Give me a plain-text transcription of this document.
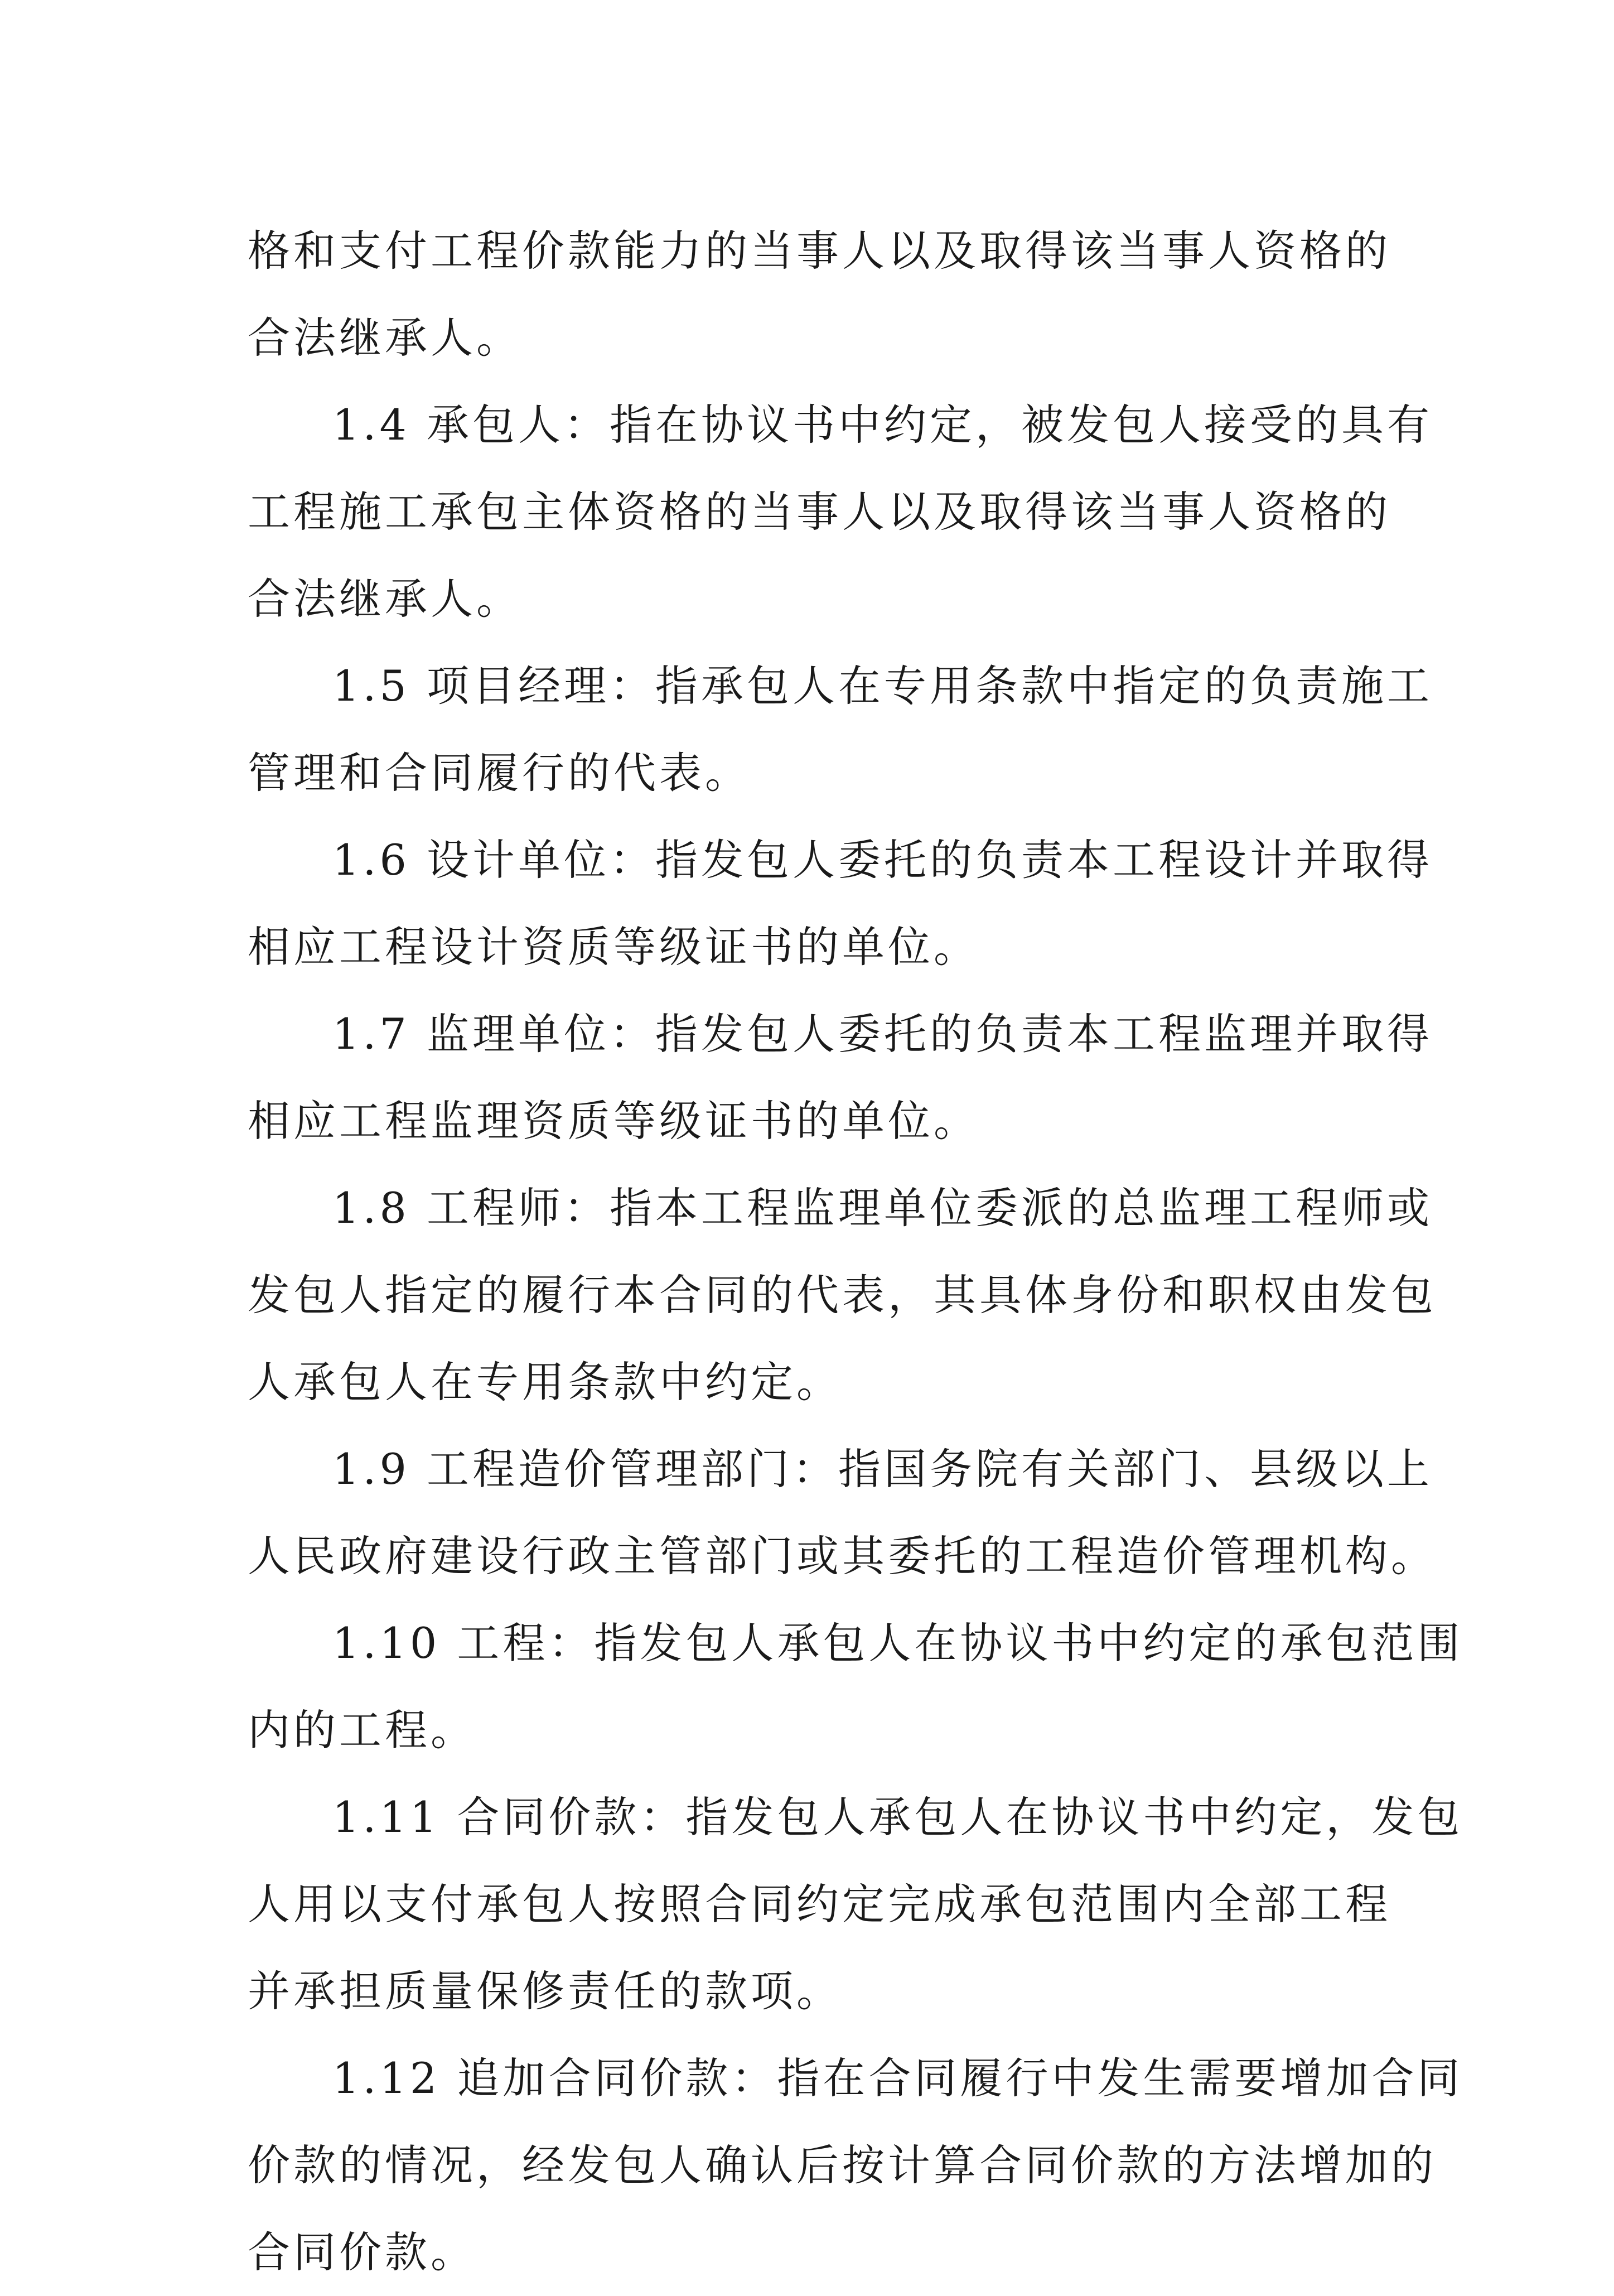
格和支付工程价款能力的当事人以及取得该当事人资格的

合法继承人。

1.4 承包人：指在协议书中约定，被发包人接受的具有

工程施工承包主体资格的当事人以及取得该当事人资格的

合法继承人。

1.5 项目经理：指承包人在专用条款中指定的负责施工

管理和合同履行的代表。

1.6 设计单位：指发包人委托的负责本工程设计并取得

相应工程设计资质等级证书的单位。

1.7 监理单位：指发包人委托的负责本工程监理并取得

相应工程监理资质等级证书的单位。

1.8 工程师：指本工程监理单位委派的总监理工程师或

发包人指定的履行本合同的代表，其具体身份和职权由发包

人承包人在专用条款中约定。

1.9 工程造价管理部门：指国务院有关部门、县级以上

人民政府建设行政主管部门或其委托的工程造价管理机构。

1.10 工程：指发包人承包人在协议书中约定的承包范围

内的工程。

1.11 合同价款：指发包人承包人在协议书中约定，发包

人用以支付承包人按照合同约定完成承包范围内全部工程

并承担质量保修责任的款项。

1.12 追加合同价款：指在合同履行中发生需要增加合同

价款的情况，经发包人确认后按计算合同价款的方法增加的

合同价款。
